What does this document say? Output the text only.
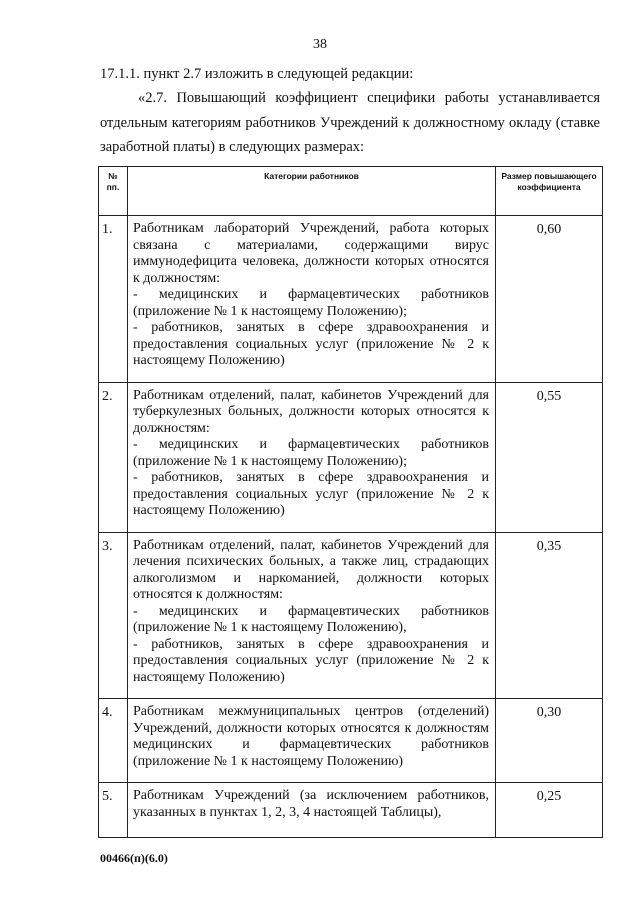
38
17.1.1. пункт 2.7 изложить в следующей редакции:
«2.7. Повышающий коэффициент специфики работы устанавливается отдельным категориям работников Учреждений к должностному окладу (ставке заработной платы) в следующих размерах:
№ пп.	Категории работников	Размер повышающего коэффициента
1.	Работникам лабораторий Учреждений, работа которых связана с материалами, содержащими вирус иммунодефицита человека, должности которых относятся к должностям:
- медицинских и фармацевтических работников (приложение № 1 к настоящему Положению);
- работников, занятых в сфере здравоохранения и предоставления социальных услуг (приложение № 2 к настоящему Положению)	0,60
2.	Работникам отделений, палат, кабинетов Учреждений для туберкулезных больных, должности которых относятся к должностям:
- медицинских и фармацевтических работников (приложение № 1 к настоящему Положению);
- работников, занятых в сфере здравоохранения и предоставления социальных услуг (приложение № 2 к настоящему Положению)	0,55
3.	Работникам отделений, палат, кабинетов Учреждений для лечения психических больных, а также лиц, страдающих алкоголизмом и наркоманией, должности которых относятся к должностям:
- медицинских и фармацевтических работников (приложение № 1 к настоящему Положению),
- работников, занятых в сфере здравоохранения и предоставления социальных услуг (приложение № 2 к настоящему Положению)	0,35
4.	Работникам межмуниципальных центров (отделений) Учреждений, должности которых относятся к должностям медицинских и фармацевтических работников (приложение № 1 к настоящему Положению)	0,30
5.	Работникам Учреждений (за исключением работников, указанных в пунктах 1, 2, 3, 4 настоящей Таблицы),	0,25
00466(п)(6.0)
